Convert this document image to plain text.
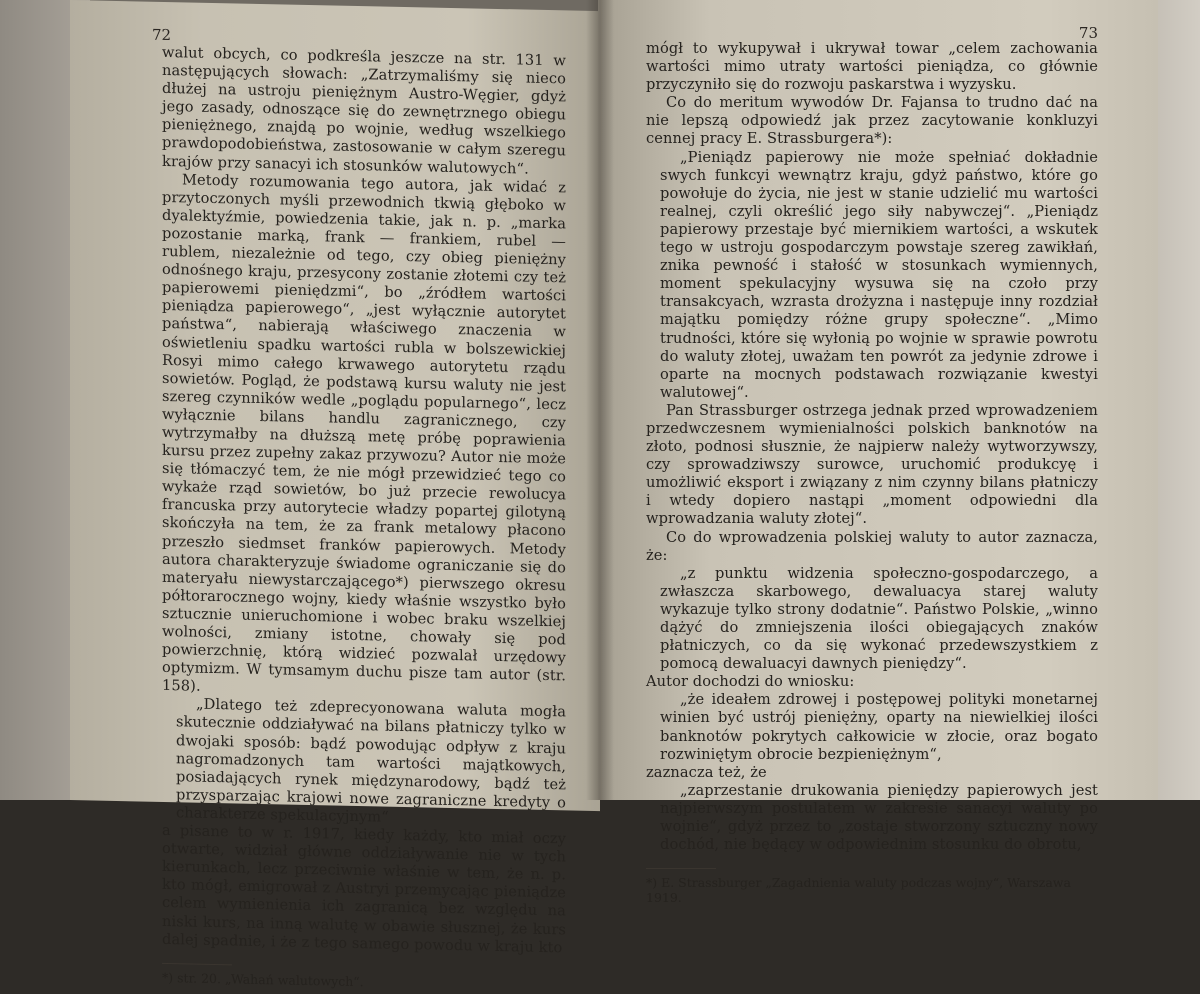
72

walut obcych, co podkreśla jeszcze na str. 131 w następujących słowach: „Zatrzymaliśmy się nieco dłużej na ustroju pieniężnym Austro-Węgier, gdyż jego zasady, odnoszące się do zewnętrznego obiegu pieniężnego, znajdą po wojnie, według wszelkiego prawdopodobieństwa, zastosowanie w całym szeregu krajów przy sanacyi ich stosunków walutowych“.

Metody rozumowania tego autora, jak widać z przytoczonych myśli przewodnich tkwią głęboko w dyalektyźmie, powiedzenia takie, jak n. p. „marka pozostanie marką, frank — frankiem, rubel — rublem, niezależnie od tego, czy obieg pieniężny odnośnego kraju, przesycony zostanie złotemi czy też papierowemi pieniędzmi“, bo „źródłem wartości pieniądza papierowego“, „jest wyłącznie autorytet państwa“, nabierają właściwego znaczenia w oświetleniu spadku wartości rubla w bolszewickiej Rosyi mimo całego krwawego autorytetu rządu sowietów. Pogląd, że podstawą kursu waluty nie jest szereg czynników wedle „poglądu popularnego“, lecz wyłącznie bilans handlu zagranicznego, czy wytrzymałby na dłuższą metę próbę poprawienia kursu przez zupełny zakaz przywozu? Autor nie może się tłómaczyć tem, że nie mógł przewidzieć tego co wykaże rząd sowietów, bo już przecie rewolucya francuska przy autorytecie władzy popartej gilotyną skończyła na tem, że za frank metalowy płacono przeszło siedmset franków papierowych. Metody autora charakteryzuje świadome ograniczanie się do materyału niewystarczającego*) pierwszego okresu półtorarocznego wojny, kiedy właśnie wszystko było sztucznie unieruchomione i wobec braku wszelkiej wolności, zmiany istotne, chowały się pod powierzchnię, którą widzieć pozwalał urzędowy optymizm. W tymsamym duchu pisze tam autor (str. 158).

„Dlatego też zdeprecyonowana waluta mogła skutecznie oddziaływać na bilans płatniczy tylko w dwojaki sposób: bądź powodując odpływ z kraju nagromadzonych tam wartości majątkowych, posiadających rynek międzynarodowy, bądź też przysparzając krajowi nowe zagraniczne kredyty o charakterze spekulacyjnym“

a pisane to w r. 1917, kiedy każdy, kto miał oczy otwarte, widział główne oddziaływanie nie w tych kierunkach, lecz przeciwnie właśnie w tem, że n. p. kto mógł, emigrował z Austryi przemycając pieniądze celem wymienienia ich zagranicą bez względu na niski kurs, na inną walutę w obawie słusznej, że kurs dalej spadnie, i że z tego samego powodu w kraju kto

*) str. 20. „Wahań walutowych“.
73

mógł to wykupywał i ukrywał towar „celem zachowania wartości mimo utraty wartości pieniądza, co głównie przyczyniło się do rozwoju paskarstwa i wyzysku.

Co do meritum wywodów Dr. Fajansa to trudno dać na nie lepszą odpowiedź jak przez zacytowanie konkluzyi cennej pracy E. Strassburgera*):

„Pieniądz papierowy nie może spełniać dokładnie swych funkcyi wewnątrz kraju, gdyż państwo, które go powołuje do życia, nie jest w stanie udzielić mu wartości realnej, czyli określić jego siły nabywczej“. „Pieniądz papierowy przestaje być miernikiem wartości, a wskutek tego w ustroju gospodarczym powstaje szereg zawikłań, znika pewność i stałość w stosunkach wymiennych, moment spekulacyjny wysuwa się na czoło przy transakcyach, wzrasta drożyzna i następuje inny rozdział majątku pomiędzy różne grupy społeczne“. „Mimo trudności, które się wyłonią po wojnie w sprawie powrotu do waluty złotej, uważam ten powrót za jedynie zdrowe i oparte na mocnych podstawach rozwiązanie kwestyi walutowej“.

Pan Strassburger ostrzega jednak przed wprowadzeniem przedwczesnem wymienialności polskich banknotów na złoto, podnosi słusznie, że najpierw należy wytworzywszy, czy sprowadziwszy surowce, uruchomić produkcyę i umożliwić eksport i związany z nim czynny bilans płatniczy i wtedy dopiero nastąpi „moment odpowiedni dla wprowadzania waluty złotej“.

Co do wprowadzenia polskiej waluty to autor zaznacza, że:

„z punktu widzenia społeczno-gospodarczego, a zwłaszcza skarbowego, dewaluacya starej waluty wykazuje tylko strony dodatnie“. Państwo Polskie, „winno dążyć do zmniejszenia ilości obiegających znaków płatniczych, co da się wykonać przedewszystkiem z pomocą dewaluacyi dawnych pieniędzy“.

Autor dochodzi do wniosku:

„że ideałem zdrowej i postępowej polityki monetarnej winien być ustrój pieniężny, oparty na niewielkiej ilości banknotów pokrytych całkowicie w złocie, oraz bogato rozwiniętym obrocie bezpieniężnym“,

zaznacza też, że

„zaprzestanie drukowania pieniędzy papierowych jest najpierwszym postulatem w zakresie sanacyi waluty po wojnie“, gdyż przez to „zostaje stworzony sztuczny nowy dochód, nie będący w odpowiednim stosunku do obrotu,

*) E. Strassburger „Zagadnienia waluty podczas wojny“, Warszawa 1919.
